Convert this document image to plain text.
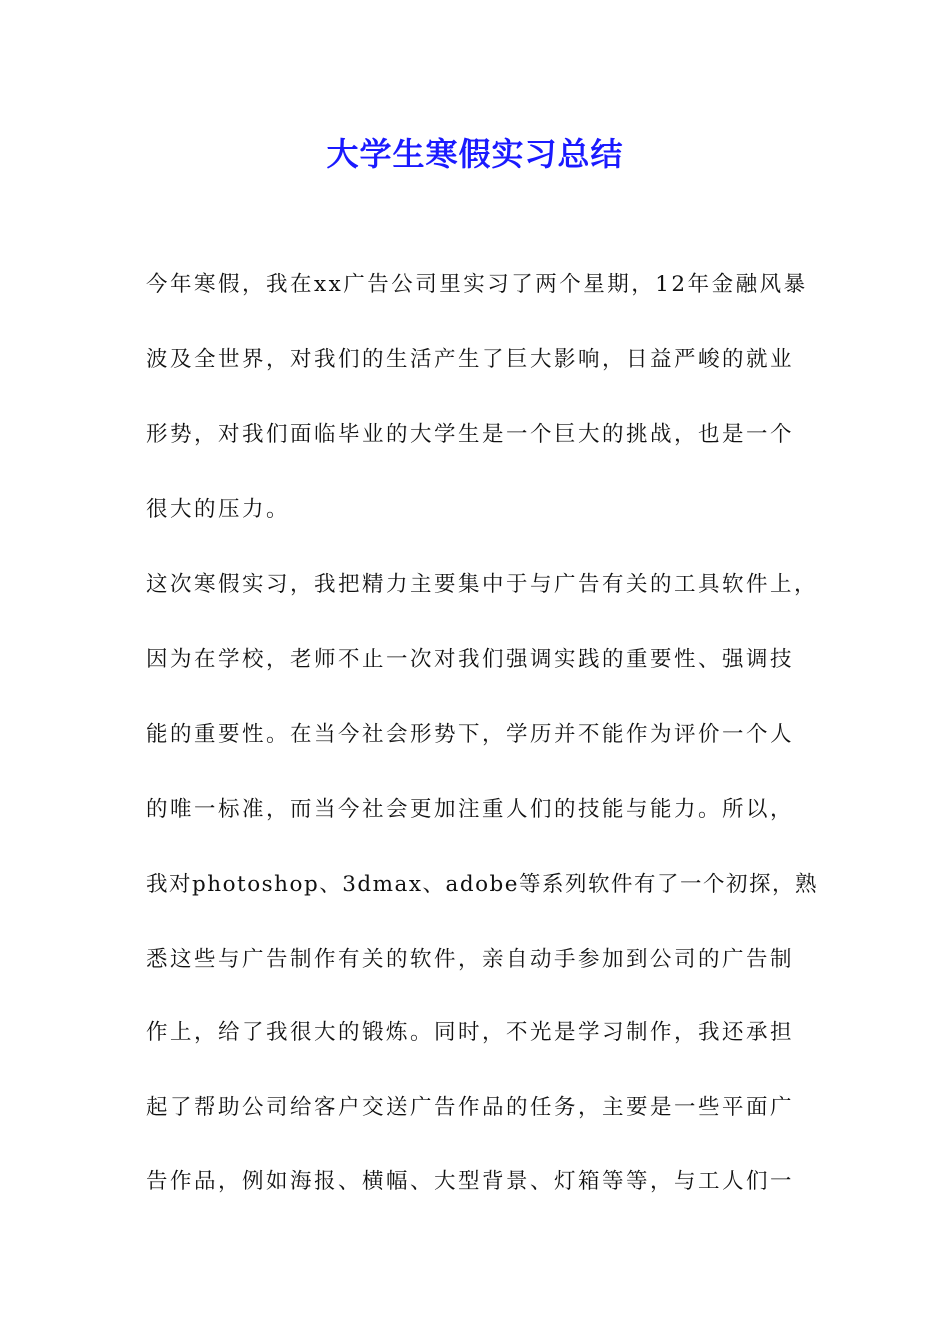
大学生寒假实习总结
今年寒假，我在xx广告公司里实习了两个星期，12年金融风暴
波及全世界，对我们的生活产生了巨大影响，日益严峻的就业
形势，对我们面临毕业的大学生是一个巨大的挑战，也是一个
很大的压力。
这次寒假实习，我把精力主要集中于与广告有关的工具软件上，
因为在学校，老师不止一次对我们强调实践的重要性、强调技
能的重要性。在当今社会形势下，学历并不能作为评价一个人
的唯一标准，而当今社会更加注重人们的技能与能力。所以，
我对photoshop、3dmax、adobe等系列软件有了一个初探，熟
悉这些与广告制作有关的软件，亲自动手参加到公司的广告制
作上，给了我很大的锻炼。同时，不光是学习制作，我还承担
起了帮助公司给客户交送广告作品的任务，主要是一些平面广
告作品，例如海报、横幅、大型背景、灯箱等等，与工人们一
